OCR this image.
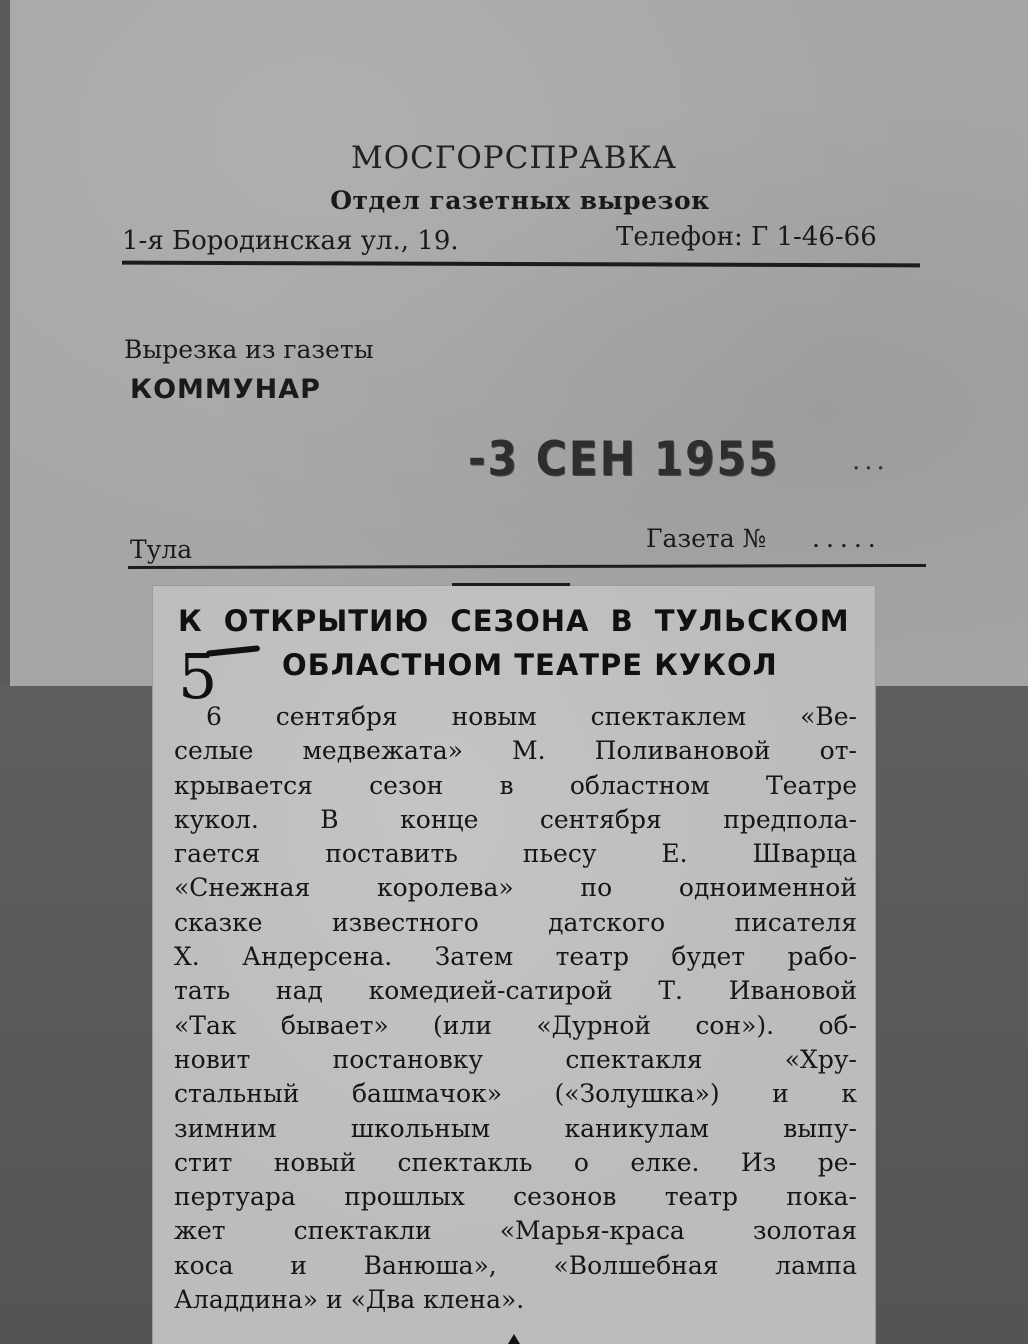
МОСГОРСПРАВКА
Отдел газетных вырезок
1-я Бородинская ул., 19.	Телефон: Г 1-46-66
Вырезка из газеты
КОММУНАР
-3 СЕН 1955	...
Тула	Газета № .....
К ОТКРЫТИЮ СЕЗОНА В ТУЛЬСКОМ
ОБЛАСТНОМ ТЕАТРЕ КУКОЛ
5
6 сентября новым спектаклем «Ве-
селые медвежата» М. Поливановой от-
крывается сезон в областном Театре
кукол. В конце сентября предпола-
гается поставить пьесу Е. Шварца
«Снежная королева» по одноименной
сказке известного датского писателя
Х. Андерсена. Затем театр будет рабо-
тать над комедией-сатирой Т. Ивановой
«Так бывает» (или «Дурной сон»). об-
новит постановку спектакля «Хру-
стальный башмачок» («Золушка») и к
зимним школьным каникулам выпу-
стит новый спектакль о елке. Из ре-
пертуара прошлых сезонов театр пока-
жет спектакли «Марья-краса золотая
коса и Ванюша», «Волшебная лампа
Аладдина» и «Два клена».
